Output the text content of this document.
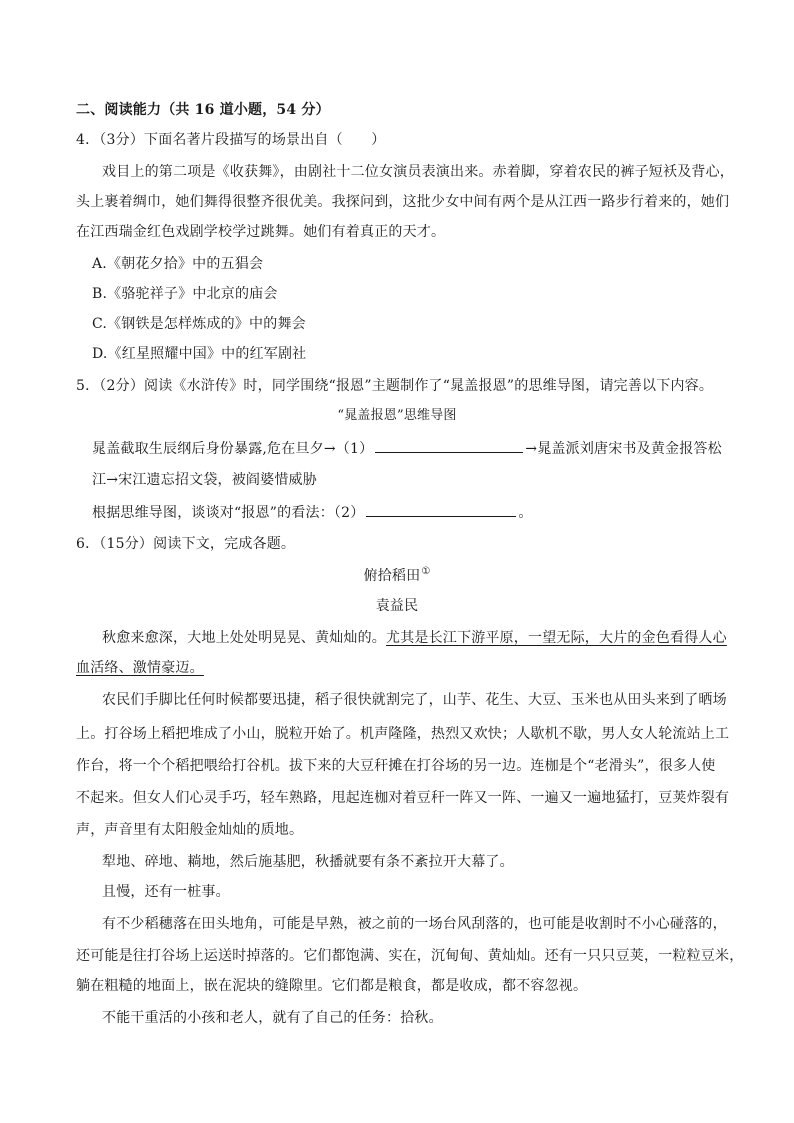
二、阅读能力（共 16 道小题，54 分）
4．（3分）下面名著片段描写的场景出自（　　）
戏目上的第二项是《收获舞》，由剧社十二位女演员表演出来。赤着脚，穿着农民的裤子短袄及背心，
头上裹着绸巾，她们舞得很整齐很优美。我探问到，这批少女中间有两个是从江西一路步行着来的，她们
在江西瑞金红色戏剧学校学过跳舞。她们有着真正的天才。
A.《朝花夕拾》中的五猖会
B.《骆驼祥子》中北京的庙会
C.《钢铁是怎样炼成的》中的舞会
D.《红星照耀中国》中的红军剧社
5．（2分）阅读《水浒传》时，同学围绕“报恩”主题制作了“晁盖报恩”的思维导图，请完善以下内容。
“晁盖报恩”思维导图
晁盖截取生辰纲后身份暴露,危在旦夕→（1）	→晁盖派刘唐宋书及黄金报答松
江→宋江遗忘招文袋，被阎婆惜威胁
根据思维导图，谈谈对“报恩”的看法：（2）	。
6．（15分）阅读下文，完成各题。
俯拾稻田①
袁益民
秋愈来愈深，大地上处处明晃晃、黄灿灿的。尤其是长江下游平原，一望无际，大片的金色看得人心
血活络、激情豪迈。
农民们手脚比任何时候都要迅捷，稻子很快就割完了，山芋、花生、大豆、玉米也从田头来到了晒场
上。打谷场上稻把堆成了小山，脱粒开始了。机声隆隆，热烈又欢快；人歇机不歇，男人女人轮流站上工
作台，将一个个稻把喂给打谷机。拔下来的大豆秆摊在打谷场的另一边。连枷是个“老滑头”，很多人使
不起来。但女人们心灵手巧，轻车熟路，甩起连枷对着豆秆一阵又一阵、一遍又一遍地猛打，豆荚炸裂有
声，声音里有太阳般金灿灿的质地。
犁地、碎地、耥地，然后施基肥，秋播就要有条不紊拉开大幕了。
且慢，还有一桩事。
有不少稻穗落在田头地角，可能是早熟，被之前的一场台风刮落的，也可能是收割时不小心碰落的，
还可能是往打谷场上运送时掉落的。它们都饱满、实在，沉甸甸、黄灿灿。还有一只只豆荚，一粒粒豆米，
躺在粗糙的地面上，嵌在泥块的缝隙里。它们都是粮食，都是收成，都不容忽视。
不能干重活的小孩和老人，就有了自己的任务：拾秋。
